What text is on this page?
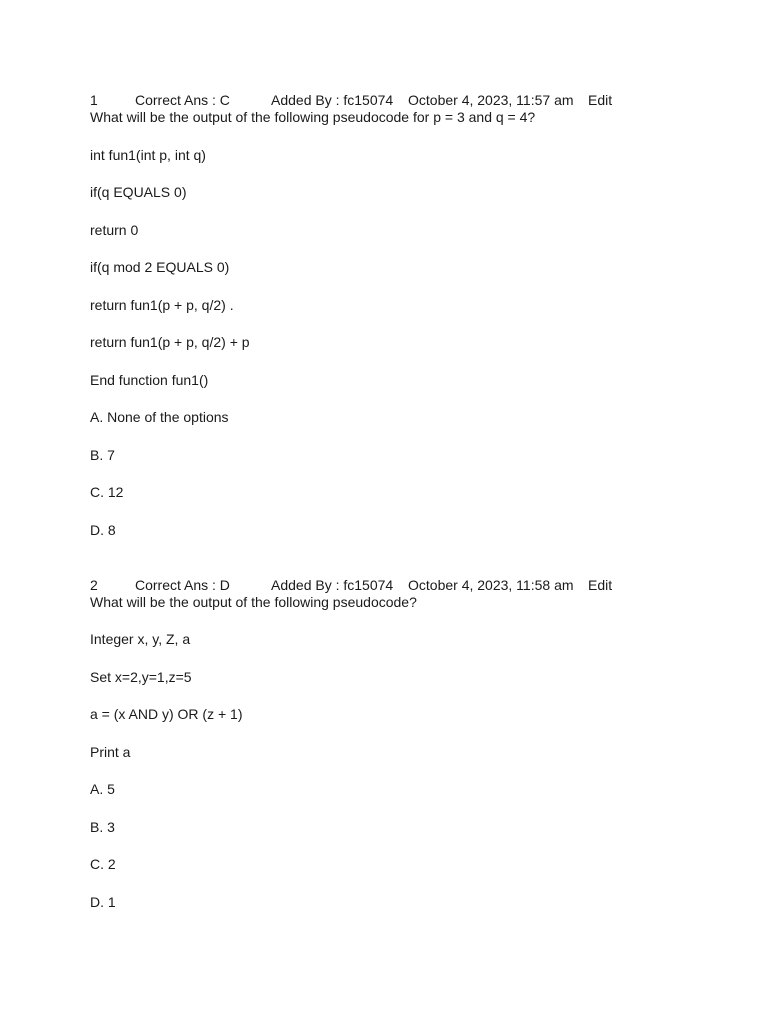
1	Correct Ans : C	Added By : fc15074	October 4, 2023, 11:57 am	Edit
What will be the output of the following pseudocode for p = 3 and q = 4?
int fun1(int p, int q)
if(q EQUALS 0)
return 0
if(q mod 2 EQUALS 0)
return fun1(p + p, q/2) .
return fun1(p + p, q/2) + p
End function fun1()
A. None of the options
B. 7
C. 12
D. 8
2	Correct Ans : D	Added By : fc15074	October 4, 2023, 11:58 am	Edit
What will be the output of the following pseudocode?
Integer x, y, Z, a
Set x=2,y=1,z=5
a = (x AND y) OR (z + 1)
Print a
A. 5
B. 3
C. 2
D. 1
